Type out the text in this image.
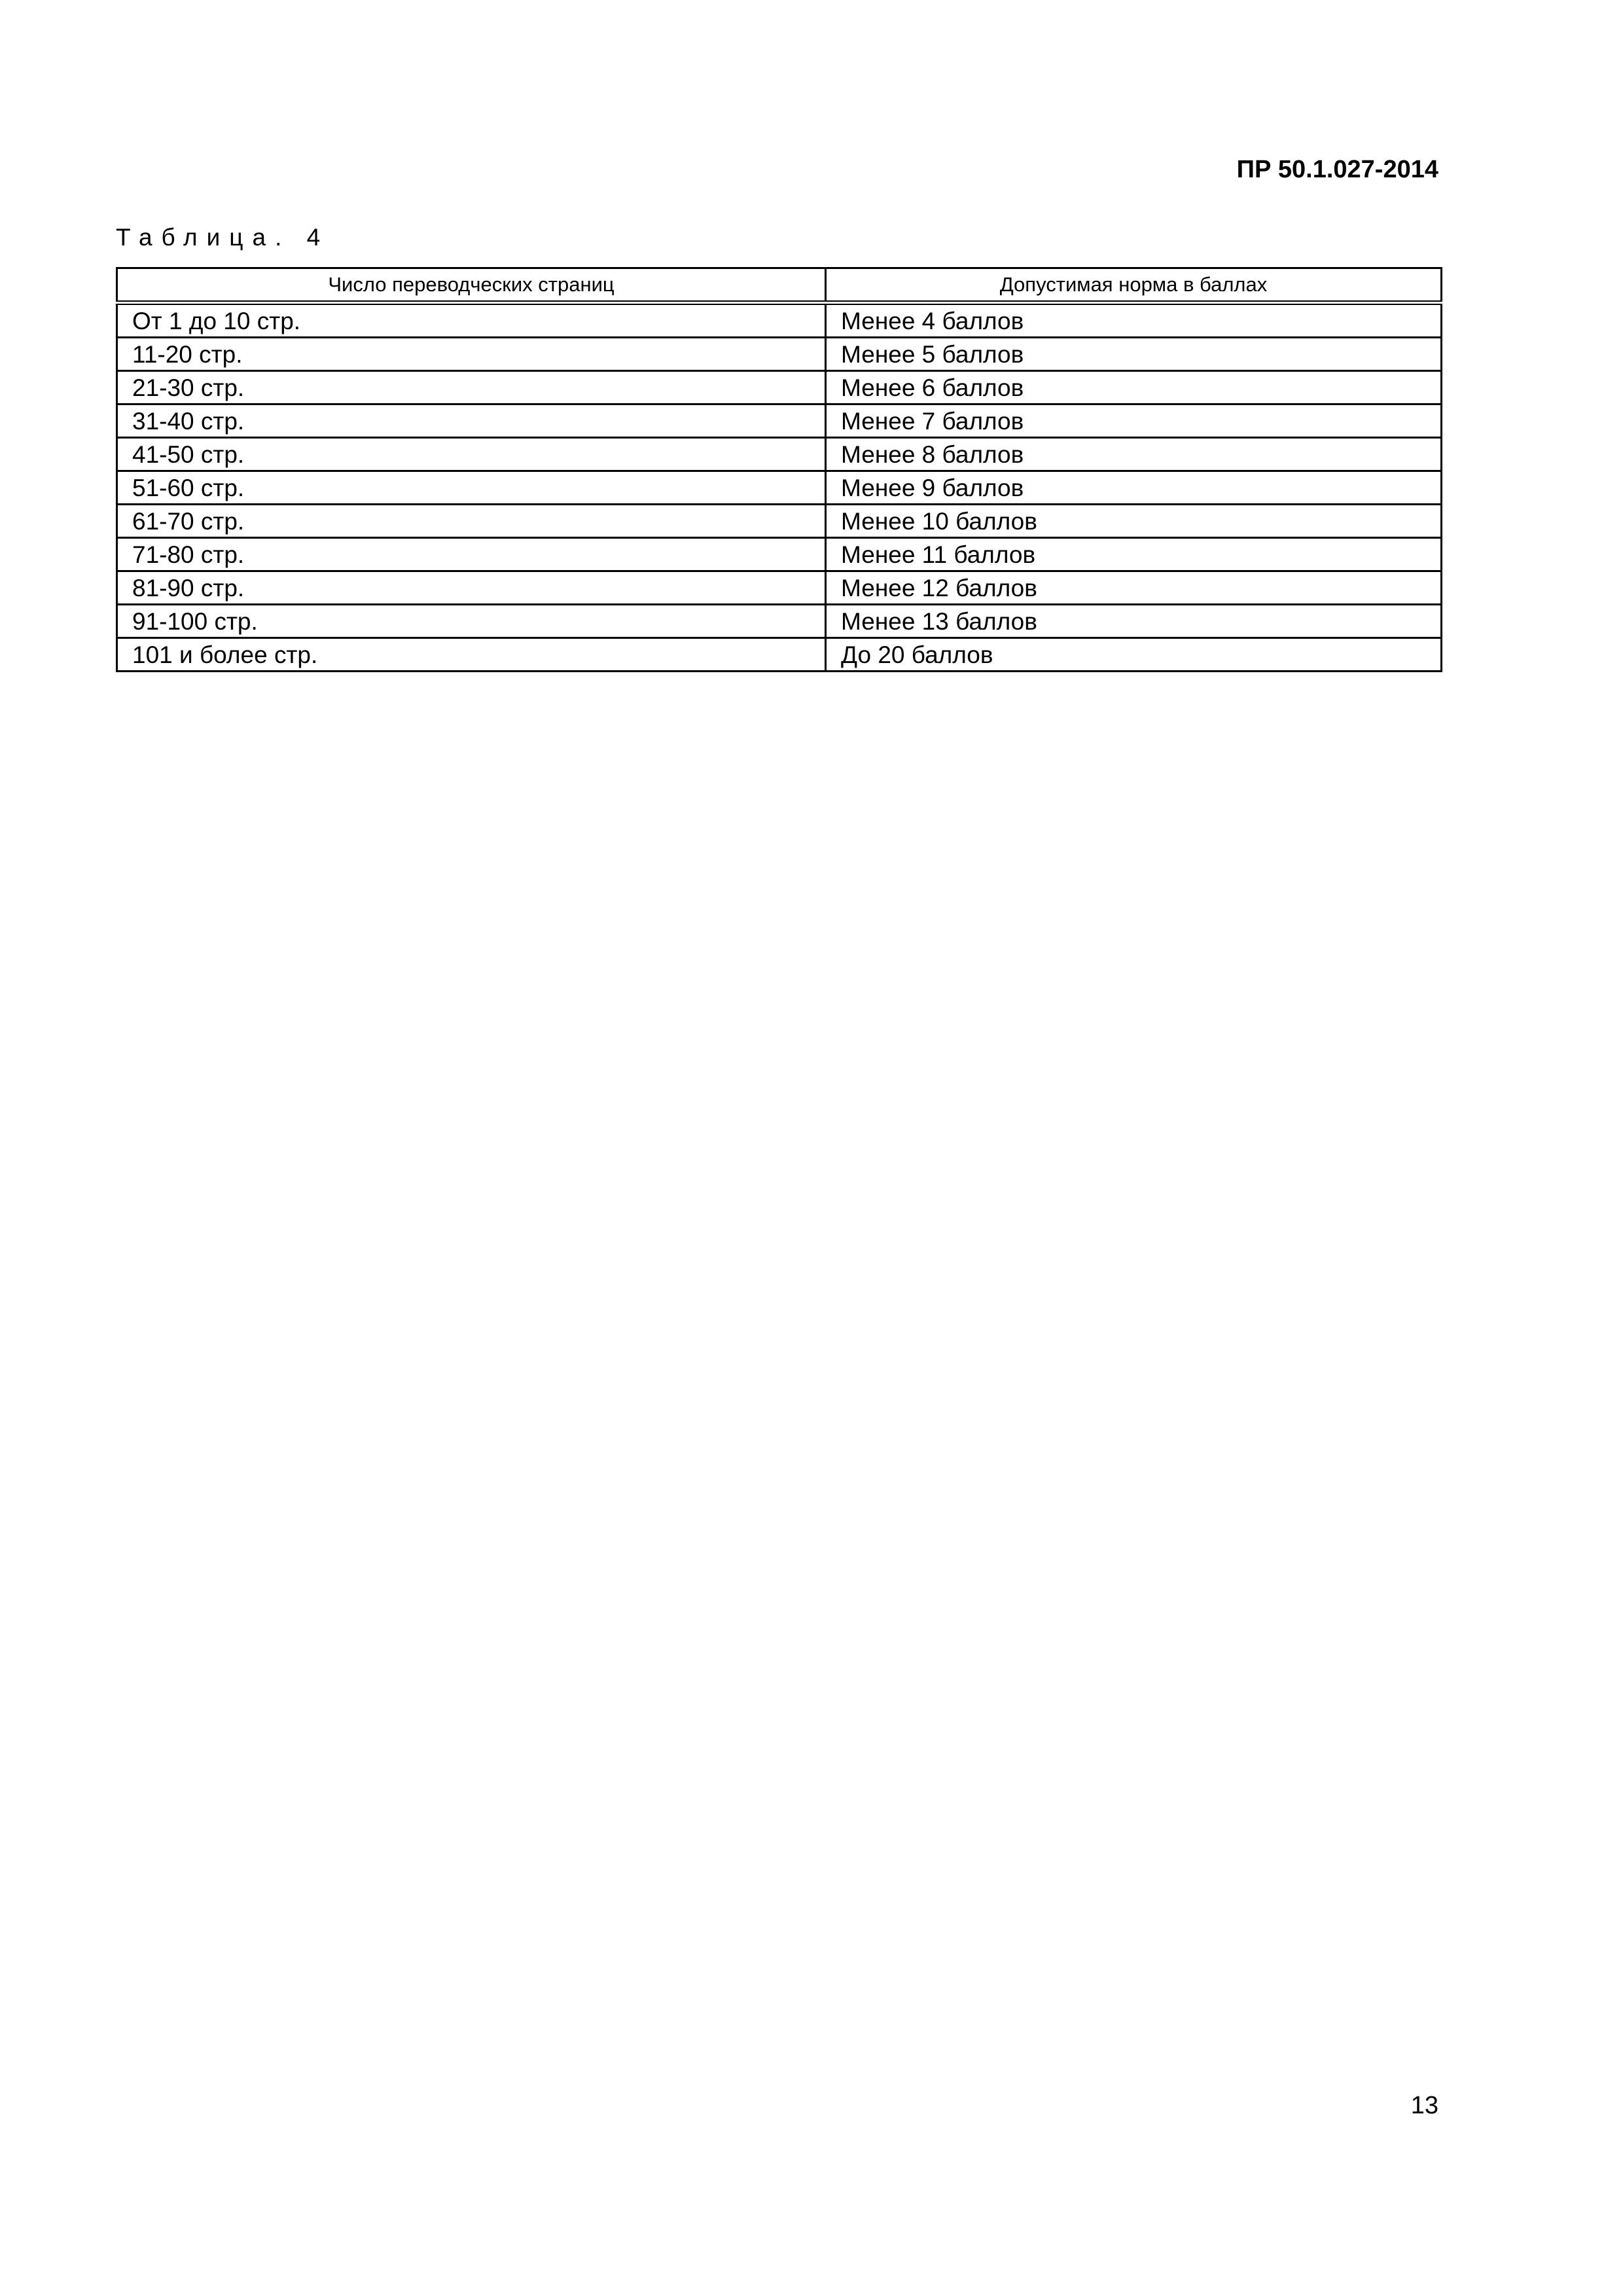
ПР 50.1.027-2014
Таблица. 4
Число переводческих страниц	Допустимая норма в баллах
От 1 до 10 стр.	Менее 4 баллов
11-20 стр.	Менее 5 баллов
21-30 стр.	Менее 6 баллов
31-40 стр.	Менее 7 баллов
41-50 стр.	Менее 8 баллов
51-60 стр.	Менее 9 баллов
61-70 стр.	Менее 10 баллов
71-80 стр.	Менее 11 баллов
81-90 стр.	Менее 12 баллов
91-100 стр.	Менее 13 баллов
101 и более стр.	До 20 баллов
13
